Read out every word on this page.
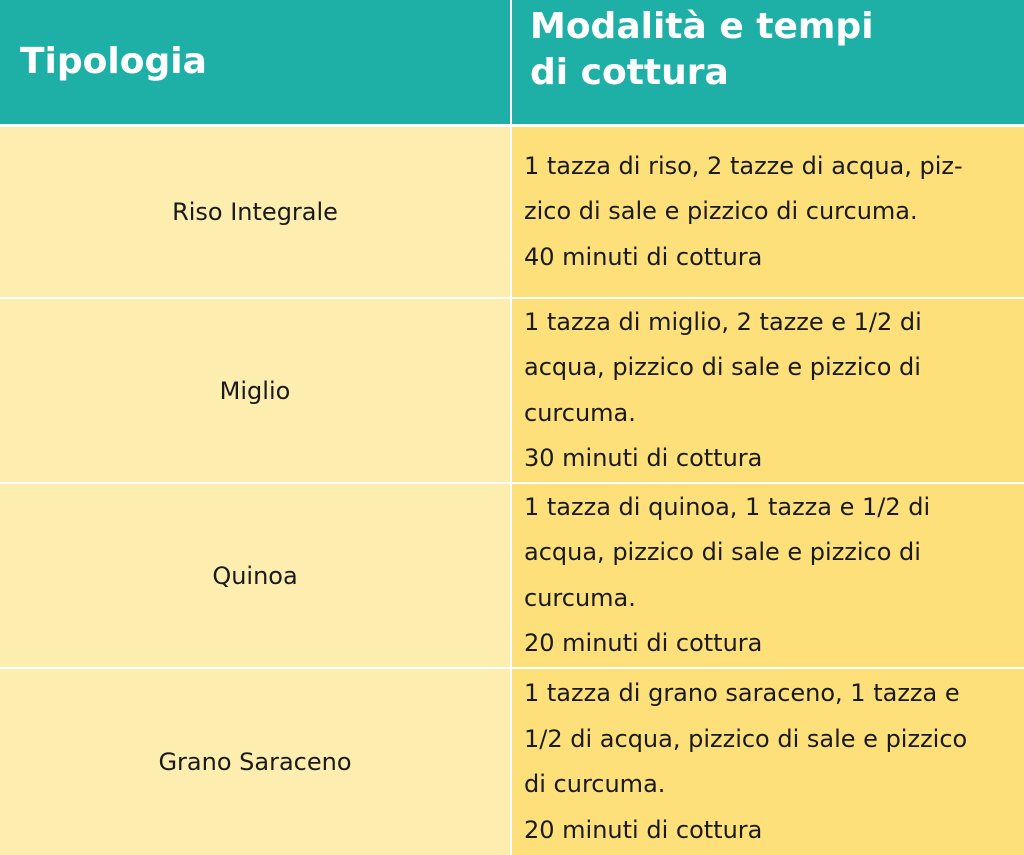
Tipologia
Modalità e tempi
di cottura
Riso Integrale
1 tazza di riso, 2 tazze di acqua, piz-
zico di sale e pizzico di curcuma.
40 minuti di cottura
Miglio
1 tazza di miglio, 2 tazze e 1/2 di
acqua, pizzico di sale e pizzico di
curcuma.
30 minuti di cottura
Quinoa
1 tazza di quinoa, 1 tazza e 1/2 di
acqua, pizzico di sale e pizzico di
curcuma.
20 minuti di cottura
Grano Saraceno
1 tazza di grano saraceno, 1 tazza e
1/2 di acqua, pizzico di sale e pizzico
di curcuma.
20 minuti di cottura
